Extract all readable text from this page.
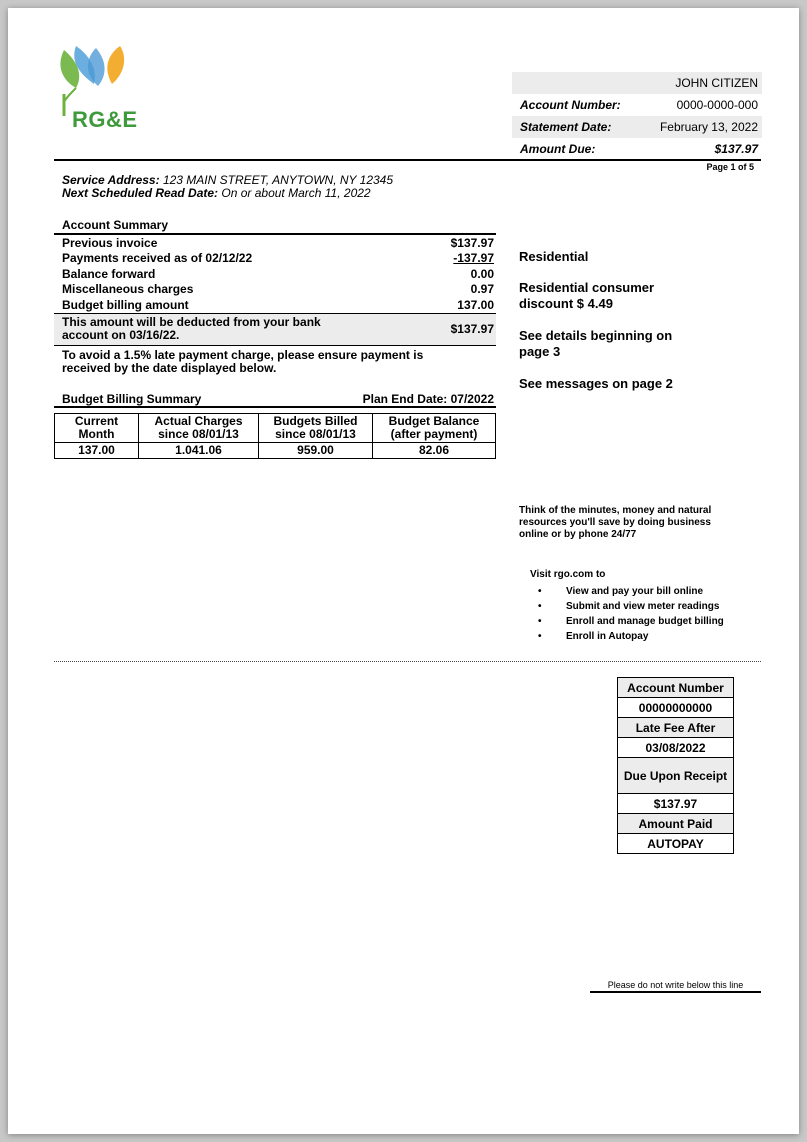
RG&E
JOHN CITIZEN
Account Number:	0000-0000-000
Statement Date:	February 13, 2022
Amount Due:	$137.97
Page 1 of 5
Service Address: 123 MAIN STREET, ANYTOWN, NY 12345
Next Scheduled Read Date: On or about March 11, 2022
Account Summary
Previous invoice	$137.97
Payments received as of 02/12/22	-137.97
Balance forward	0.00
Miscellaneous charges	0.97
Budget billing amount	137.00
This amount will be deducted from your bank account on 03/16/22.	$137.97
To avoid a 1.5% late payment charge, please ensure payment is received by the date displayed below.
Residential
Residential consumer discount $ 4.49
See details beginning on page 3
See messages on page 2
Budget Billing Summary	Plan End Date: 07/2022
Current Month	Actual Charges since 08/01/13	Budgets Billed since 08/01/13	Budget Balance (after payment)
137.00	1.041.06	959.00	82.06
Think of the minutes, money and natural resources you'll save by doing business online or by phone 24/77
Visit rgo.com to
• View and pay your bill online
• Submit and view meter readings
• Enroll and manage budget billing
• Enroll in Autopay
Account Number
00000000000
Late Fee After
03/08/2022
Due Upon Receipt
$137.97
Amount Paid
AUTOPAY
Please do not write below this line
